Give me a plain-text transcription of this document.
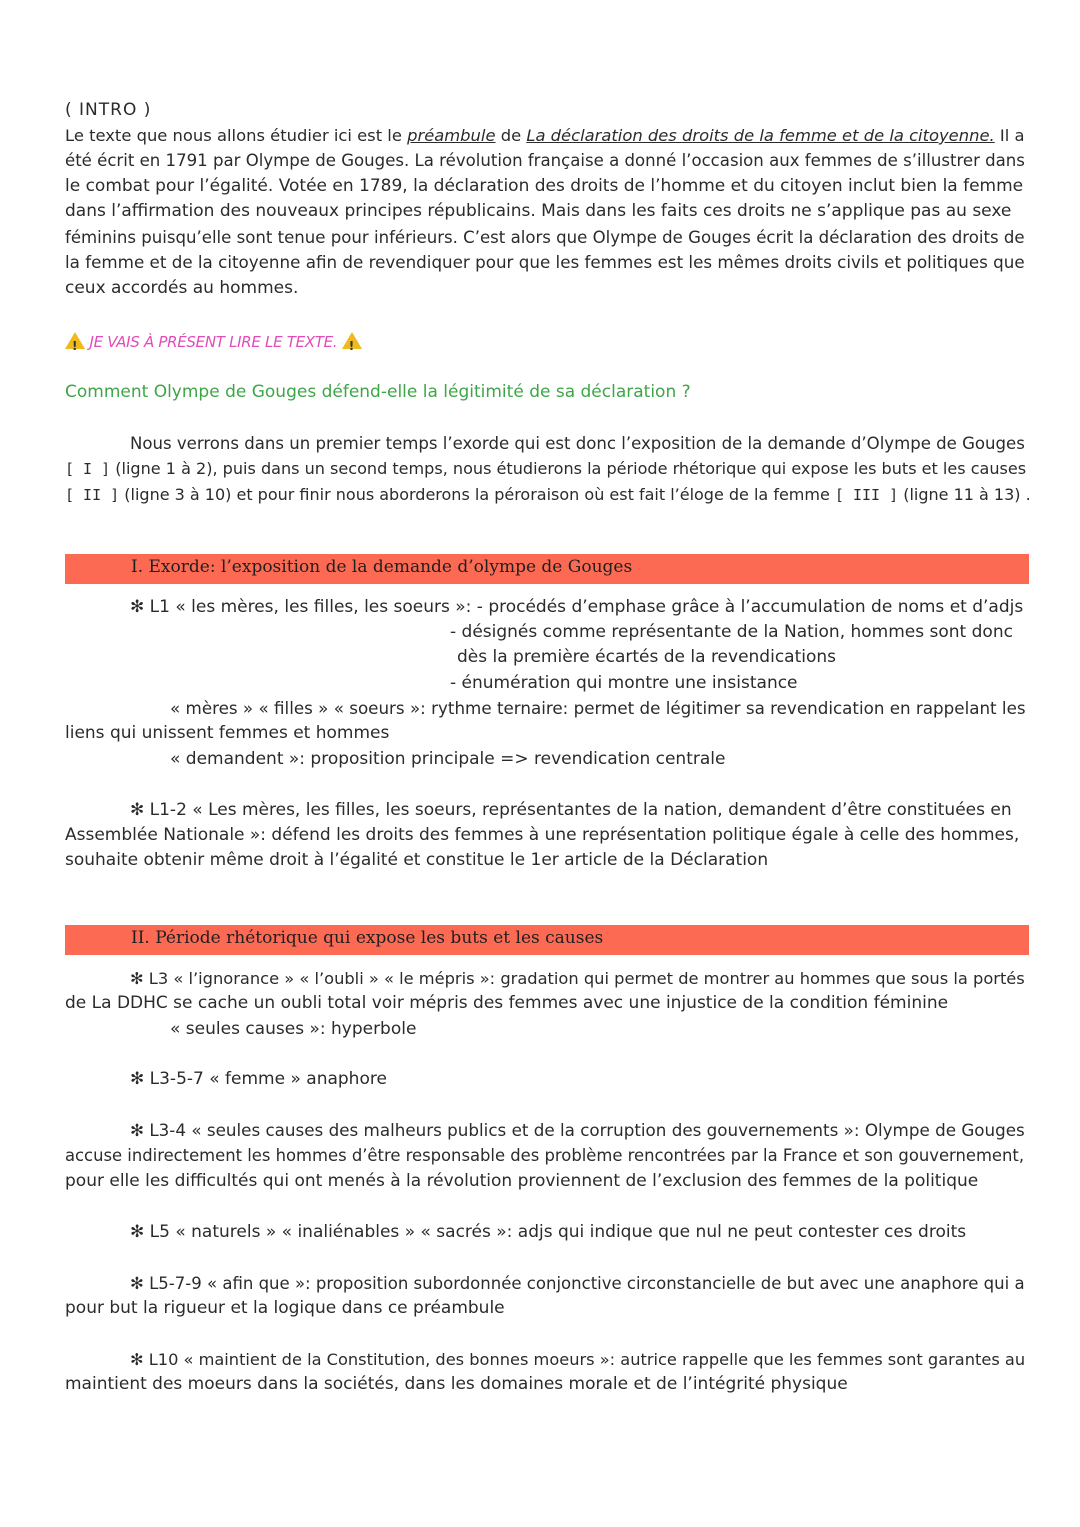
( INTRO )
Le texte que nous allons étudier ici est le préambule de La déclaration des droits de la femme et de la citoyenne. Il a
été écrit en 1791 par Olympe de Gouges. La révolution française a donné l’occasion aux femmes de s’illustrer dans
le combat pour l’égalité. Votée en 1789, la déclaration des droits de l’homme et du citoyen inclut bien la femme
dans l’affirmation des nouveaux principes républicains. Mais dans les faits ces droits ne s’applique pas au sexe
féminins puisqu’elle sont tenue pour inférieurs. C’est alors que Olympe de Gouges écrit la déclaration des droits de
la femme et de la citoyenne afin de revendiquer pour que les femmes est les mêmes droits civils et politiques que
ceux accordés au hommes.
! JE VAIS À PRÉSENT LIRE LE TEXTE. !
Comment Olympe de Gouges défend-elle la légitimité de sa déclaration ?
Nous verrons dans un premier temps l’exorde qui est donc l’exposition de la demande d’Olympe de Gouges
[ I ] (ligne 1 à 2), puis dans un second temps, nous étudierons la période rhétorique qui expose les buts et les causes
[ II ] (ligne 3 à 10) et pour finir nous aborderons la péroraison où est fait l’éloge de la femme [ III ] (ligne 11 à 13) .
I. Exorde: l’exposition de la demande d’olympe de Gouges
✻ L1 « les mères, les filles, les soeurs »: - procédés d’emphase grâce à l’accumulation de noms et d’adjs
- désignés comme représentante de la Nation, hommes sont donc
dès la première écartés de la revendications
- énumération qui montre une insistance
« mères » « filles » « soeurs »: rythme ternaire: permet de légitimer sa revendication en rappelant les
liens qui unissent femmes et hommes
« demandent »: proposition principale => revendication centrale
✻ L1-2 « Les mères, les filles, les soeurs, représentantes de la nation, demandent d’être constituées en
Assemblée Nationale »: défend les droits des femmes à une représentation politique égale à celle des hommes,
souhaite obtenir même droit à l’égalité et constitue le 1er article de la Déclaration
II. Période rhétorique qui expose les buts et les causes
✻ L3 « l’ignorance » « l’oubli » « le mépris »: gradation qui permet de montrer au hommes que sous la portés
de La DDHC se cache un oubli total voir mépris des femmes avec une injustice de la condition féminine
« seules causes »: hyperbole
✻ L3-5-7 « femme » anaphore
✻ L3-4 « seules causes des malheurs publics et de la corruption des gouvernements »: Olympe de Gouges
accuse indirectement les hommes d’être responsable des problème rencontrées par la France et son gouvernement,
pour elle les difficultés qui ont menés à la révolution proviennent de l’exclusion des femmes de la politique
✻ L5 « naturels » « inaliénables » « sacrés »: adjs qui indique que nul ne peut contester ces droits
✻ L5-7-9 « afin que »: proposition subordonnée conjonctive circonstancielle de but avec une anaphore qui a
pour but la rigueur et la logique dans ce préambule
✻ L10 « maintient de la Constitution, des bonnes moeurs »: autrice rappelle que les femmes sont garantes au
maintient des moeurs dans la sociétés, dans les domaines morale et de l’intégrité physique
